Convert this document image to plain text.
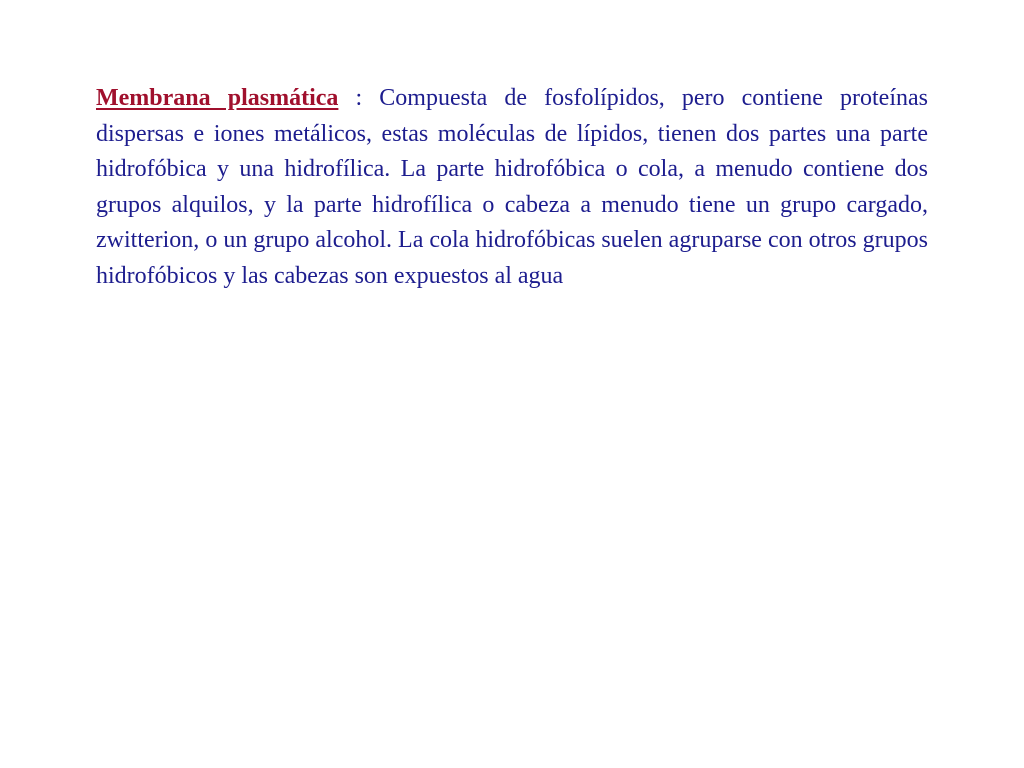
Membrana plasmática : Compuesta de fosfolípidos, pero contiene proteínas dispersas e iones metálicos, estas moléculas de lípidos, tienen dos partes una parte hidrofóbica y una hidrofílica. La parte hidrofóbica o cola, a menudo contiene dos grupos alquilos, y la parte hidrofílica o cabeza a menudo tiene un grupo cargado, zwitterion, o un grupo alcohol. La cola hidrofóbicas suelen agruparse con otros grupos hidrofóbicos y las cabezas son expuestos al agua
